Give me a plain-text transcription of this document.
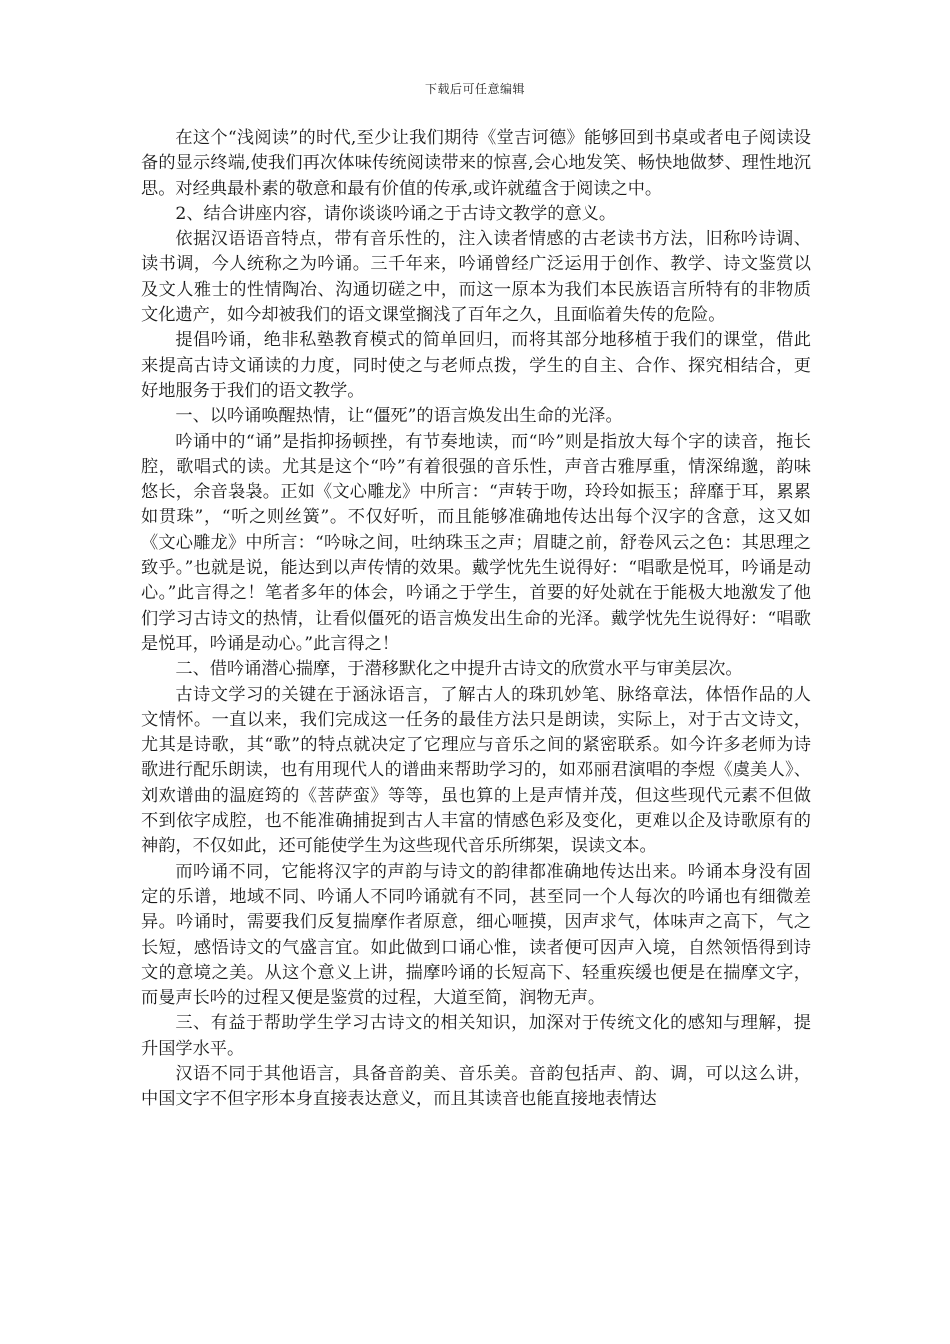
下载后可任意编辑

在这个“浅阅读”的时代,至少让我们期待《堂吉诃德》能够回到书桌或者电子阅读设备的显示终端,使我们再次体味传统阅读带来的惊喜,会心地发笑、畅快地做梦、理性地沉思。对经典最朴素的敬意和最有价值的传承,或许就蕴含于阅读之中。

2、结合讲座内容，请你谈谈吟诵之于古诗文教学的意义。

依据汉语语音特点，带有音乐性的，注入读者情感的古老读书方法，旧称吟诗调、读书调，今人统称之为吟诵。三千年来，吟诵曾经广泛运用于创作、教学、诗文鉴赏以及文人雅士的性情陶冶、沟通切磋之中，而这一原本为我们本民族语言所特有的非物质文化遗产，如今却被我们的语文课堂搁浅了百年之久，且面临着失传的危险。

提倡吟诵，绝非私塾教育模式的简单回归，而将其部分地移植于我们的课堂，借此来提高古诗文诵读的力度，同时使之与老师点拨，学生的自主、合作、探究相结合，更好地服务于我们的语文教学。

一、以吟诵唤醒热情，让“僵死”的语言焕发出生命的光泽。

吟诵中的“诵”是指抑扬顿挫，有节奏地读，而“吟”则是指放大每个字的读音，拖长腔，歌唱式的读。尤其是这个“吟”有着很强的音乐性，声音古雅厚重，情深绵邈，韵味悠长，余音袅袅。正如《文心雕龙》中所言：“声转于吻，玲玲如振玉；辞靡于耳，累累如贯珠”，“听之则丝簧”。不仅好听，而且能够准确地传达出每个汉字的含意，这又如《文心雕龙》中所言：“吟咏之间，吐纳珠玉之声；眉睫之前，舒卷风云之色：其思理之致乎。”也就是说，能达到以声传情的效果。戴学忱先生说得好：“唱歌是悦耳，吟诵是动心。”此言得之！笔者多年的体会，吟诵之于学生，首要的好处就在于能极大地激发了他们学习古诗文的热情，让看似僵死的语言焕发出生命的光泽。戴学忱先生说得好：“唱歌是悦耳，吟诵是动心。”此言得之！

二、借吟诵潜心揣摩，于潜移默化之中提升古诗文的欣赏水平与审美层次。

古诗文学习的关键在于涵泳语言，了解古人的珠玑妙笔、脉络章法，体悟作品的人文情怀。一直以来，我们完成这一任务的最佳方法只是朗读，实际上，对于古文诗文，尤其是诗歌，其“歌”的特点就决定了它理应与音乐之间的紧密联系。如今许多老师为诗歌进行配乐朗读，也有用现代人的谱曲来帮助学习的，如邓丽君演唱的李煜《虞美人》、刘欢谱曲的温庭筠的《菩萨蛮》等等，虽也算的上是声情并茂，但这些现代元素不但做不到依字成腔，也不能准确捕捉到古人丰富的情感色彩及变化，更难以企及诗歌原有的神韵，不仅如此，还可能使学生为这些现代音乐所绑架，误读文本。

而吟诵不同，它能将汉字的声韵与诗文的韵律都准确地传达出来。吟诵本身没有固定的乐谱，地域不同、吟诵人不同吟诵就有不同，甚至同一个人每次的吟诵也有细微差异。吟诵时，需要我们反复揣摩作者原意，细心咂摸，因声求气，体味声之高下，气之长短，感悟诗文的气盛言宜。如此做到口诵心惟，读者便可因声入境，自然领悟得到诗文的意境之美。从这个意义上讲，揣摩吟诵的长短高下、轻重疾缓也便是在揣摩文字，而曼声长吟的过程又便是鉴赏的过程，大道至简，润物无声。

三、有益于帮助学生学习古诗文的相关知识，加深对于传统文化的感知与理解，提升国学水平。

汉语不同于其他语言，具备音韵美、音乐美。音韵包括声、韵、调，可以这么讲，中国文字不但字形本身直接表达意义，而且其读音也能直接地表情达
